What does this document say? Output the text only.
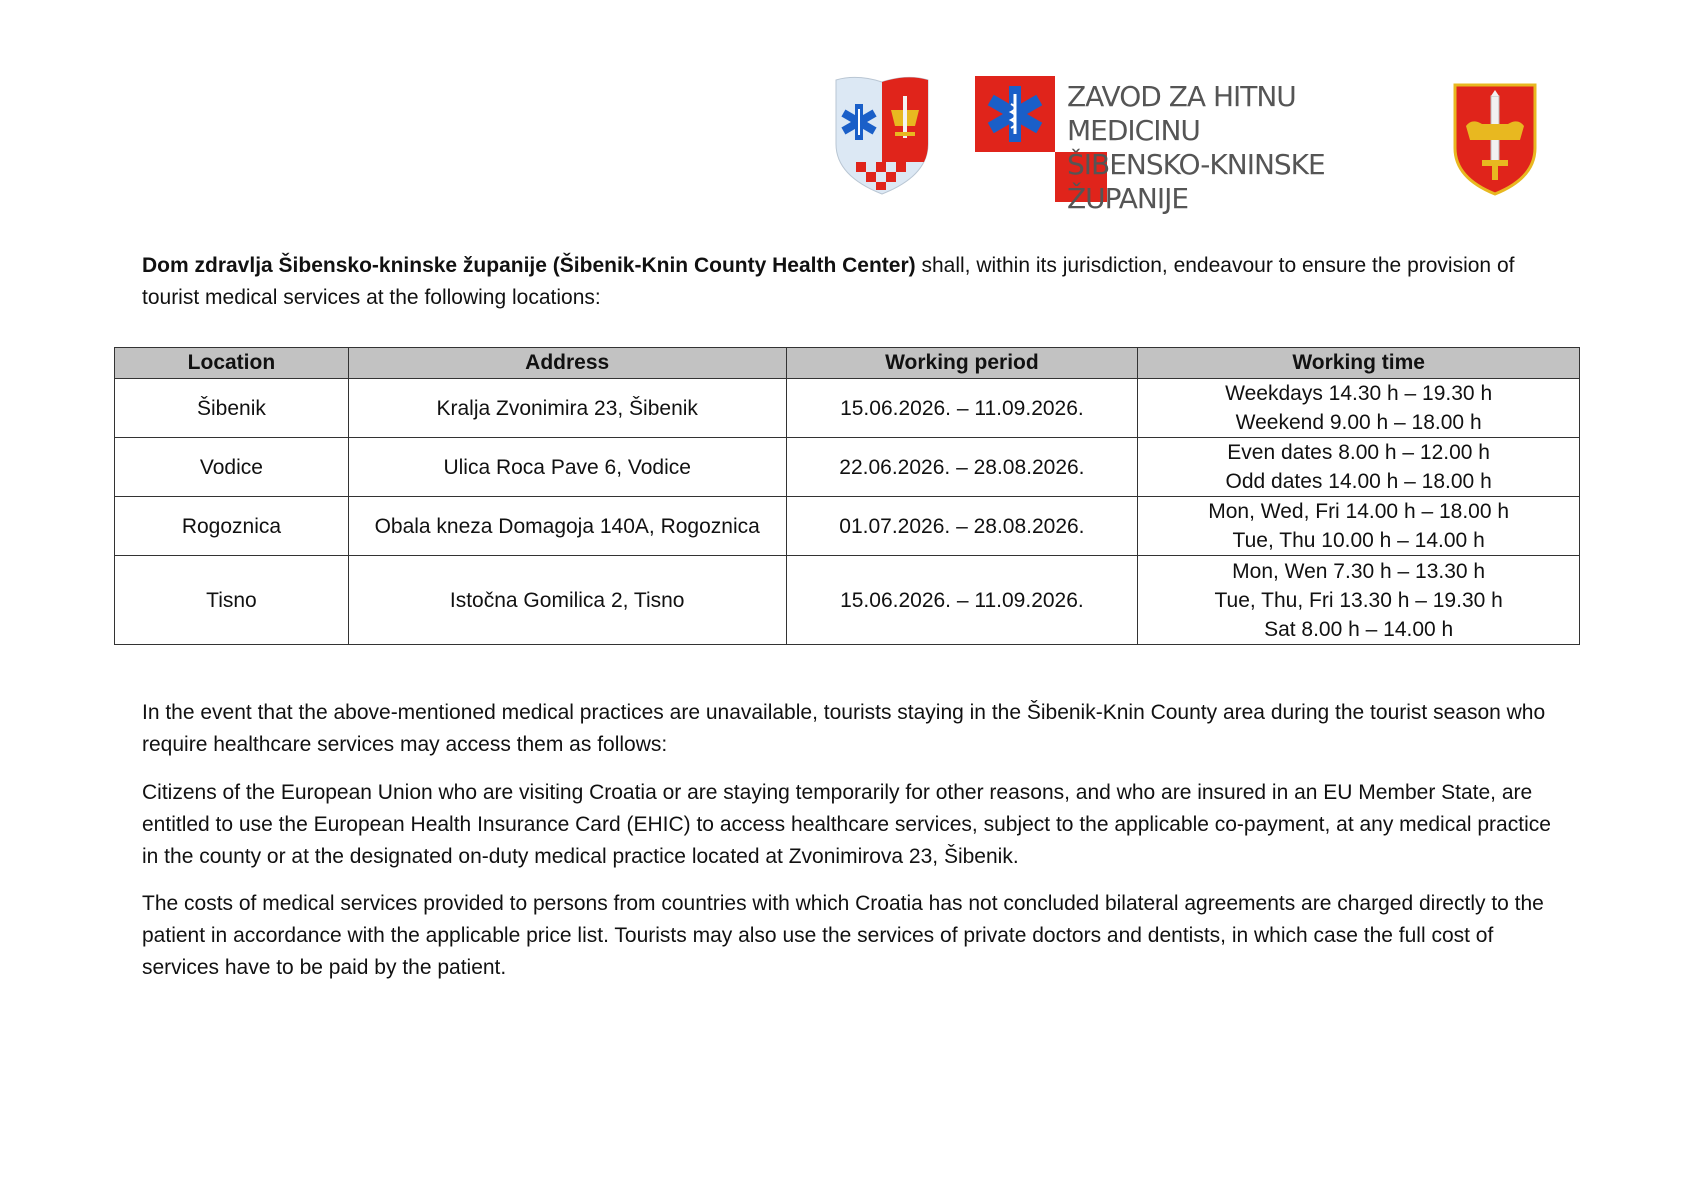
ZAVOD ZA HITNU MEDICINU
ŠIBENSKO-KNINSKE ŽUPANIJE

Dom zdravlja Šibensko-kninske županije (Šibenik-Knin County Health Center) shall, within its jurisdiction, endeavour to ensure the provision of tourist medical services at the following locations:

Location	Address	Working period	Working time
Šibenik	Kralja Zvonimira 23, Šibenik	15.06.2026. – 11.09.2026.	Weekdays 14.30 h – 19.30 h
Weekend 9.00 h – 18.00 h

Vodice	Ulica Roca Pave 6, Vodice	22.06.2026. – 28.08.2026.	Even dates 8.00 h – 12.00 h
Odd dates 14.00 h – 18.00 h

Rogoznica	Obala kneza Domagoja 140A, Rogoznica	01.07.2026. – 28.08.2026.	Mon, Wed, Fri 14.00 h – 18.00 h
Tue, Thu 10.00 h – 14.00 h

Tisno	Istočna Gomilica 2, Tisno	15.06.2026. – 11.09.2026.	Mon, Wen 7.30 h – 13.30 h
Tue, Thu, Fri 13.30 h – 19.30 h
Sat 8.00 h – 14.00 h

In the event that the above-mentioned medical practices are unavailable, tourists staying in the Šibenik-Knin County area during the tourist season who require healthcare services may access them as follows:

Citizens of the European Union who are visiting Croatia or are staying temporarily for other reasons, and who are insured in an EU Member State, are entitled to use the European Health Insurance Card (EHIC) to access healthcare services, subject to the applicable co-payment, at any medical practice in the county or at the designated on-duty medical practice located at Zvonimirova 23, Šibenik.

The costs of medical services provided to persons from countries with which Croatia has not concluded bilateral agreements are charged directly to the patient in accordance with the applicable price list. Tourists may also use the services of private doctors and dentists, in which case the full cost of services have to be paid by the patient.
